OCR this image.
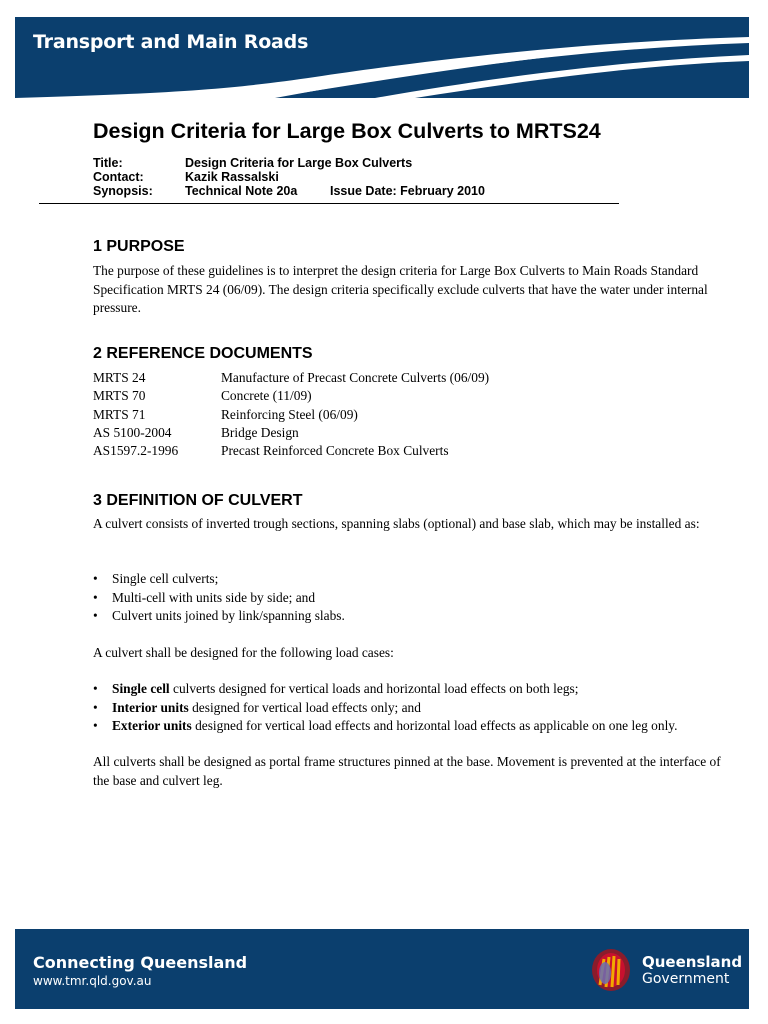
Transport and Main Roads
Design Criteria for Large Box Culverts to MRTS24
Title:	Design Criteria for Large Box Culverts
Contact:	Kazik Rassalski
Synopsis:	Technical Note 20a	Issue Date: February 2010
1 PURPOSE

The purpose of these guidelines is to interpret the design criteria for Large Box Culverts to Main Roads Standard Specification MRTS 24 (06/09). The design criteria specifically exclude culverts that have the water under internal pressure.

2 REFERENCE DOCUMENTS
MRTS 24	Manufacture of Precast Concrete Culverts (06/09)
MRTS 70	Concrete (11/09)
MRTS 71	Reinforcing Steel (06/09)
AS 5100-2004	Bridge Design
AS1597.2-1996	Precast Reinforced Concrete Box Culverts
3 DEFINITION OF CULVERT

A culvert consists of inverted trough sections, spanning slabs (optional) and base slab, which may be installed as:

• Single cell culverts;
• Multi-cell with units side by side; and
• Culvert units joined by link/spanning slabs.

A culvert shall be designed for the following load cases:

• Single cell culverts designed for vertical loads and horizontal load effects on both legs;
• Interior units designed for vertical load effects only; and
• Exterior units designed for vertical load effects and horizontal load effects as applicable on one leg only.

All culverts shall be designed as portal frame structures pinned at the base. Movement is prevented at the interface of the base and culvert leg.

Connecting Queensland
www.tmr.qld.gov.au
Queensland
Government
